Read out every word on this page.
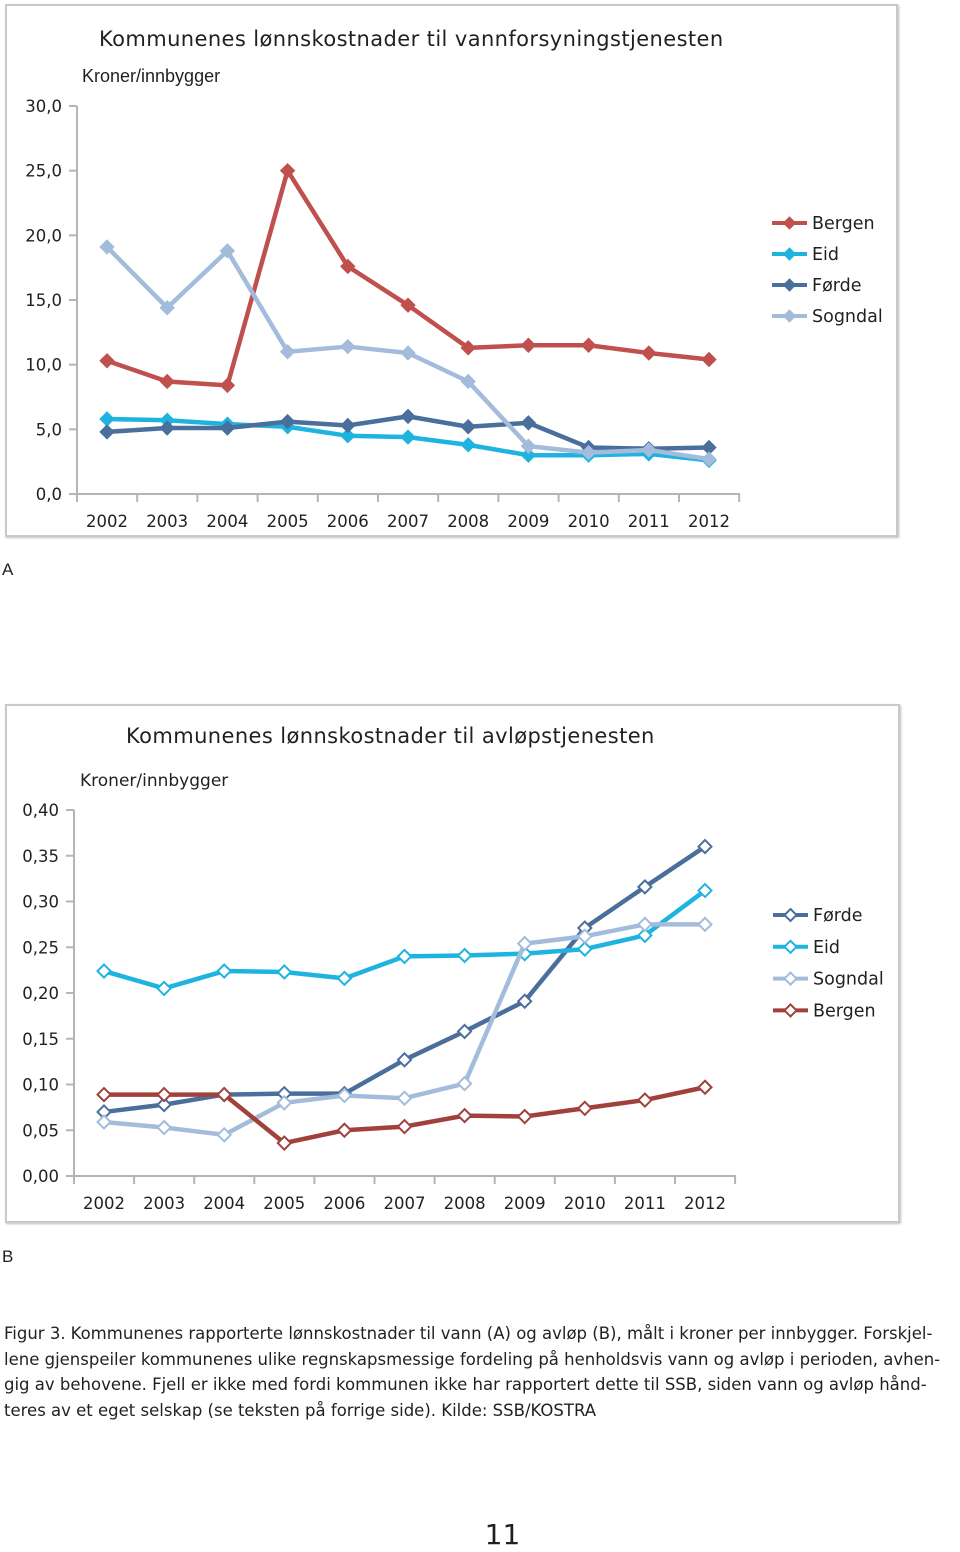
Kommunenes lønnskostnader til vannforsyningstjenesten
Kroner/innbygger
0,0
5,0
10,0
15,0
20,0
25,0
30,0
2002 2003 2004 2005 2006 2007 2008 2009 2010 2011 2012
Bergen
Eid
Førde
Sogndal
A
Kommunenes lønnskostnader til avløpstjenesten
Kroner/innbygger
0,00
0,05
0,10
0,15
0,20
0,25
0,30
0,35
0,40
2002 2003 2004 2005 2006 2007 2008 2009 2010 2011 2012
Førde
Eid
Sogndal
Bergen
B
Figur 3. Kommunenes rapporterte lønnskostnader til vann (A) og avløp (B), målt i kroner per innbygger. Forskjellene gjenspeiler kommunenes ulike regnskapsmessige fordeling på henholdsvis vann og avløp i perioden, avhengig av behovene. Fjell er ikke med fordi kommunen ikke har rapportert dette til SSB, siden vann og avløp håndteres av et eget selskap (se teksten på forrige side). Kilde: SSB/KOSTRA
11
